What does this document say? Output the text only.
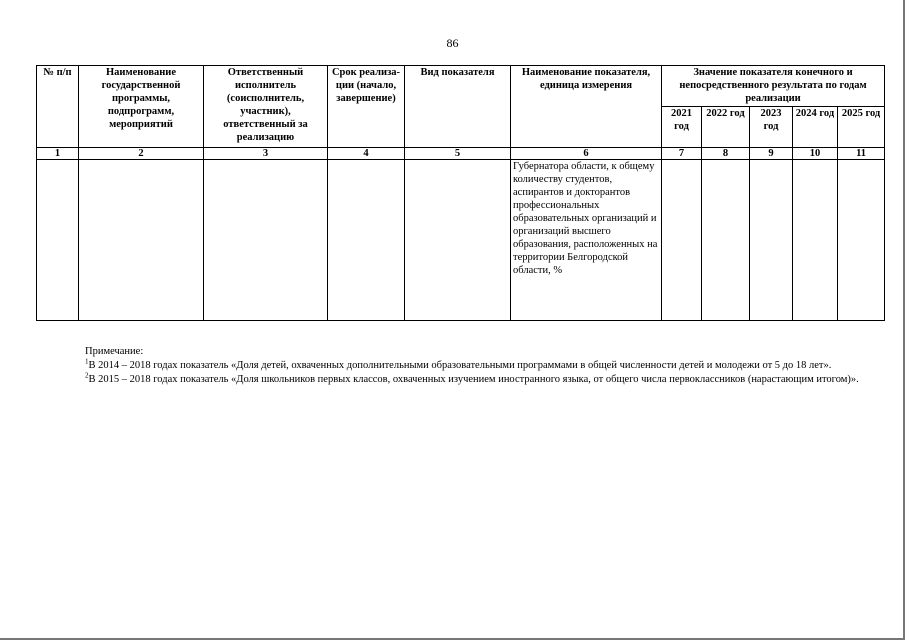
86
№ п/п	Наименование государственной программы, подпрограмм, мероприятий	Ответственный исполнитель (соисполнитель, участник), ответственный за реализацию	Срок реализа- ции (начало, завершение)	Вид показателя	Наименование показателя, единица измерения	Значение показателя конечного и непосредственного результата по годам реализации				
						2021 год	2022 год	2023 год	2024 год	2025 год
1	2	3	4	5	6	7	8	9	10	11
					Губернатора области, к общему количеству студентов, аспирантов и докторантов профессиональных образовательных организаций и организаций высшего образования, расположенных на территории Белгородской области, %					

Примечание:

$^1$В 2014 – 2018 годах показатель «Доля детей, охваченных дополнительными образовательными программами в общей численности детей и молодежи от 5 до 18 лет».

$^2$В 2015 – 2018 годах показатель «Доля школьников первых классов, охваченных изучением иностранного языка, от общего числа первоклассников (нарастающим итогом)».
